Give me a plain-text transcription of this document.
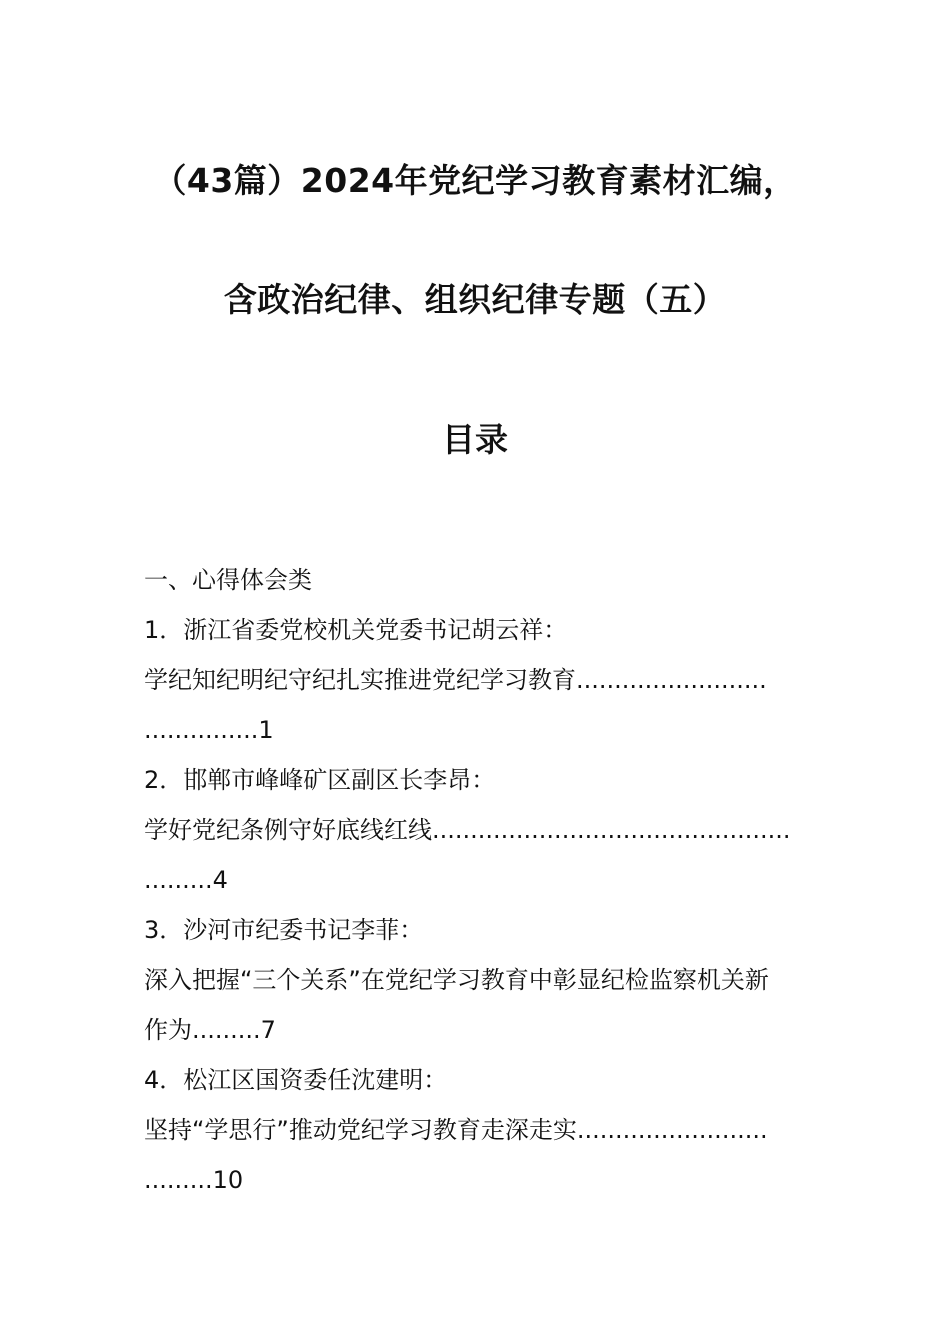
（43篇）2024年党纪学习教育素材汇编，
含政治纪律、组织纪律专题（五）
目录
一、心得体会类
1．浙江省委党校机关党委书记胡云祥：
学纪知纪明纪守纪扎实推进党纪学习教育.........................
...............1
2．邯郸市峰峰矿区副区长李昂：
学好党纪条例守好底线红线...............................................
.........4
3．沙河市纪委书记李菲：
深入把握“三个关系”在党纪学习教育中彰显纪检监察机关新
作为.........7
4．松江区国资委任沈建明：
坚持“学思行”推动党纪学习教育走深走实.........................
.........10
